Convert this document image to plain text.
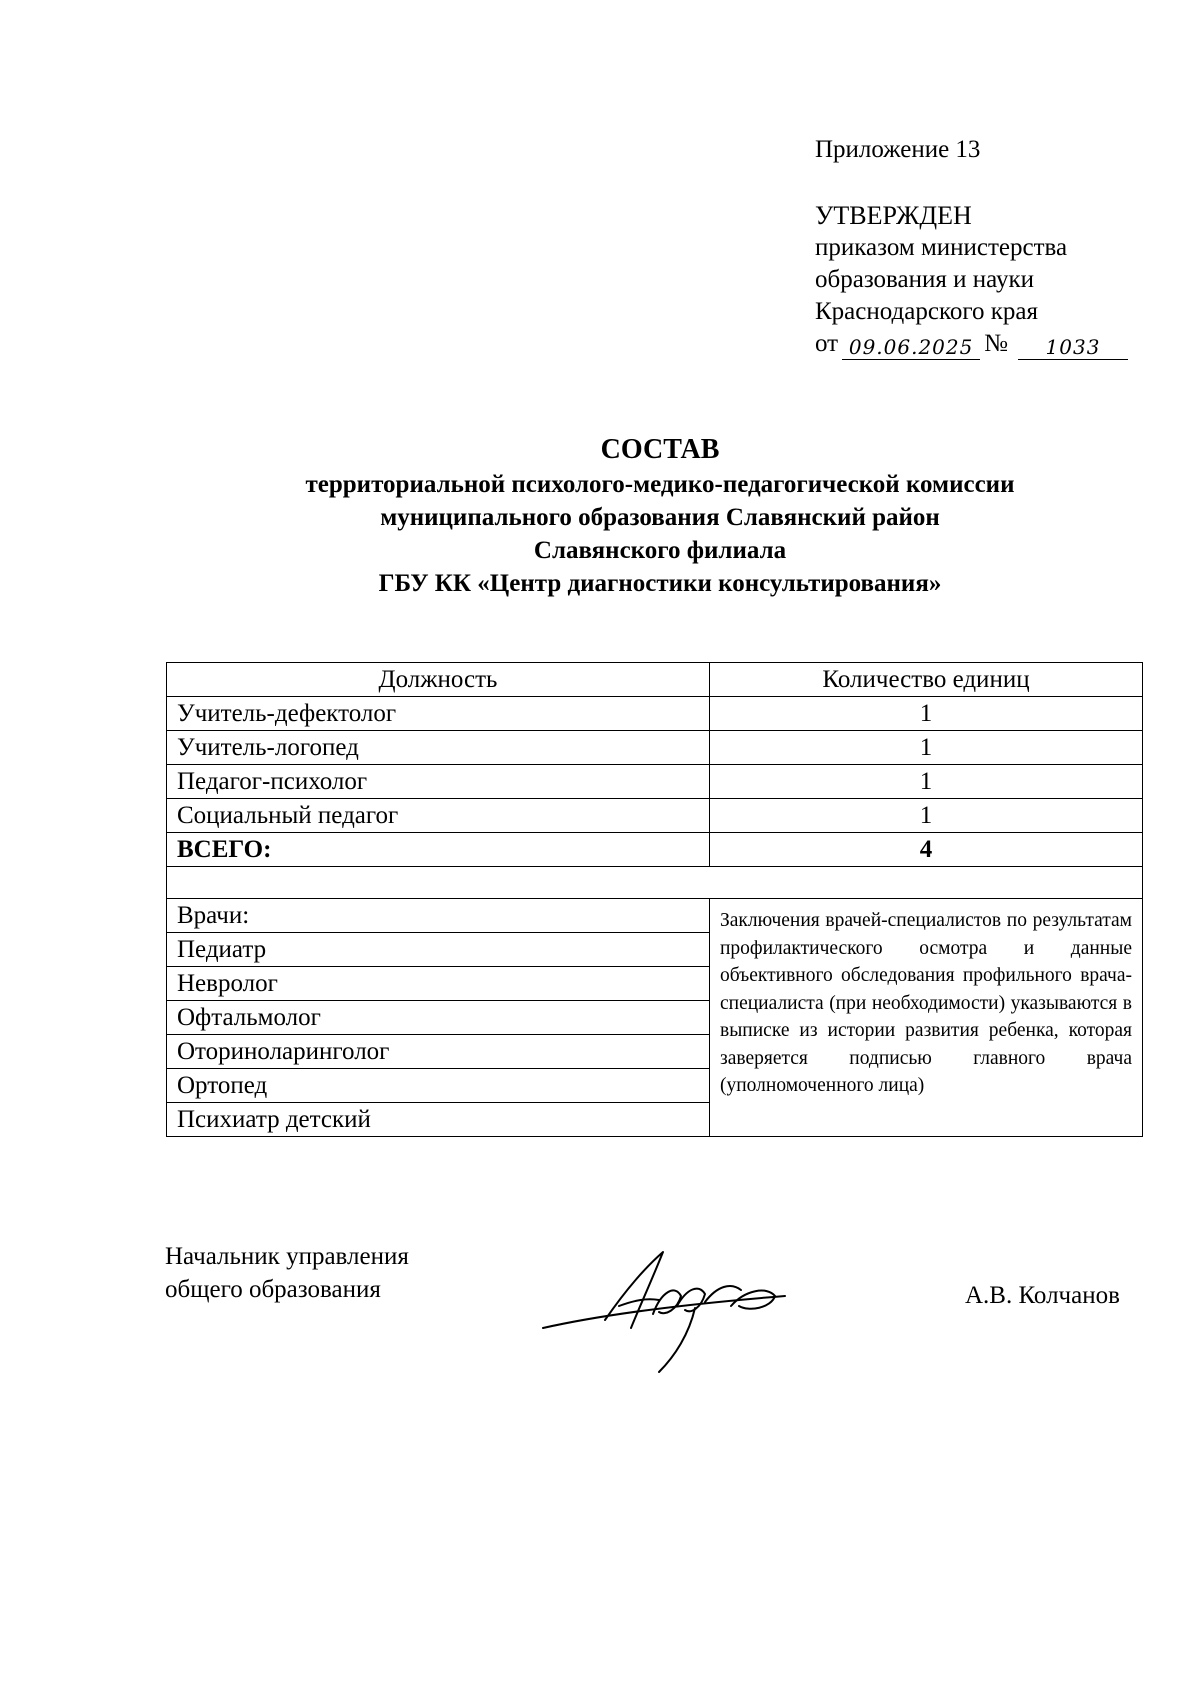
Приложение 13
УТВЕРЖДЕН
приказом министерства
образования и науки
Краснодарского края
от 09.06.2025 №	1033
СОСТАВ
территориальной психолого-медико-педагогической комиссии
муниципального образования Славянский район
Славянского филиала
ГБУ КК «Центр диагностики консультирования»
Должность	Количество единиц
Учитель-дефектолог	1
Учитель-логопед	1
Педагог-психолог	1
Социальный педагог	1
ВСЕГО:	4

Врачи:	Заключения врачей-специалистов по результатам профилактического осмотра и данные объективного обследования профильного врача-специалиста (при необходимости) указываются в выписке из истории развития ребенка, которая заверяется подписью главного врача (уполномоченного лица)
Педиатр	
Невролог	
Офтальмолог	
Оториноларинголог	
Ортопед	
Психиатр детский	
Начальник управления
общего образования	А.В. Колчанов
